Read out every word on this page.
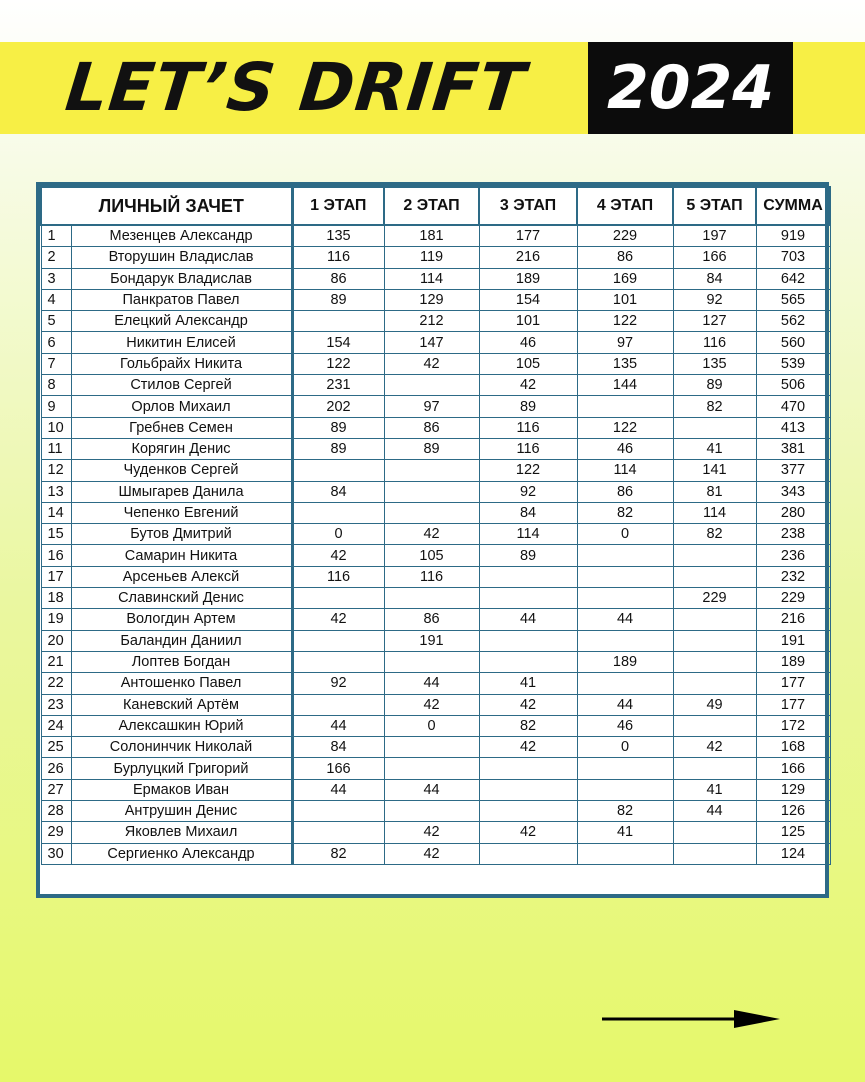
LET’S DRIFT	2024
ЛИЧНЫЙ ЗАЧЕТ		1 ЭТАП	2 ЭТАП	3 ЭТАП	4 ЭТАП	5 ЭТАП	СУММА
1	Мезенцев Александр	135	181	177	229	197	919
2	Вторушин Владислав	116	119	216	86	166	703
3	Бондарук Владислав	86	114	189	169	84	642
4	Панкратов Павел	89	129	154	101	92	565
5	Елецкий Александр		212	101	122	127	562
6	Никитин Елисей	154	147	46	97	116	560
7	Гольбрайх Никита	122	42	105	135	135	539
8	Стилов Сергей	231		42	144	89	506
9	Орлов Михаил	202	97	89		82	470
10	Гребнев Семен	89	86	116	122		413
11	Корягин Денис	89	89	116	46	41	381
12	Чуденков Сергей			122	114	141	377
13	Шмыгарев Данила	84		92	86	81	343
14	Чепенко Евгений			84	82	114	280
15	Бутов Дмитрий	0	42	114	0	82	238
16	Самарин Никита	42	105	89			236
17	Арсеньев Алексй	116	116				232
18	Славинский Денис					229	229
19	Вологдин Артем	42	86	44	44		216
20	Баландин Даниил		191				191
21	Лоптев Богдан				189		189
22	Антошенко Павел	92	44	41			177
23	Каневский Артём		42	42	44	49	177
24	Алексашкин Юрий	44	0	82	46		172
25	Солонинчик Николай	84		42	0	42	168
26	Бурлуцкий Григорий	166					166
27	Ермаков Иван	44	44			41	129
28	Антрушин Денис				82	44	126
29	Яковлев Михаил		42	42	41		125
30	Сергиенко Александр	82	42				124
